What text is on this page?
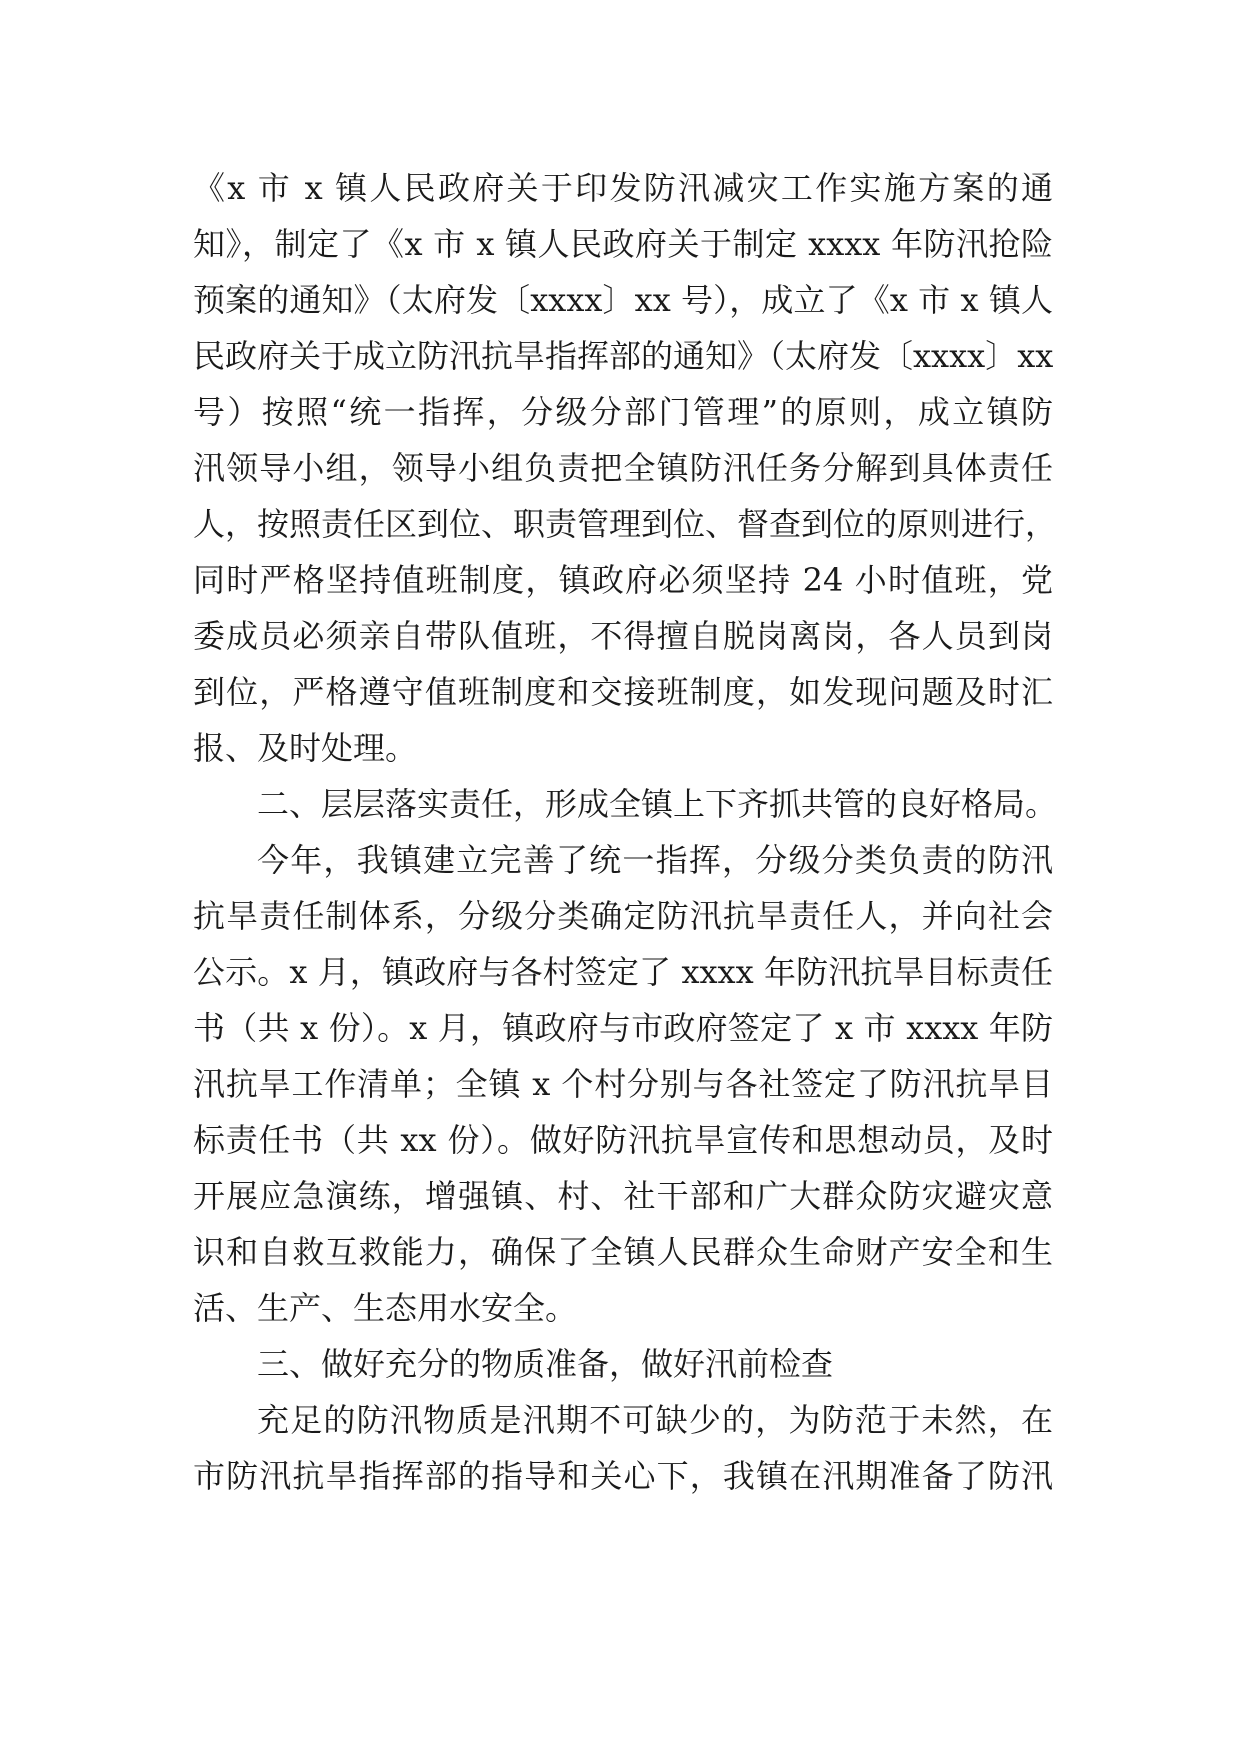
《x 市 x 镇人民政府关于印发防汛减灾工作实施方案的通
知》，制定了《x 市 x 镇人民政府关于制定 xxxx 年防汛抢险
预案的通知》（太府发〔xxxx〕xx 号），成立了《x 市 x 镇人
民政府关于成立防汛抗旱指挥部的通知》（太府发〔xxxx〕xx
号）按照“统一指挥，分级分部门管理”的原则，成立镇防
汛领导小组，领导小组负责把全镇防汛任务分解到具体责任
人，按照责任区到位、职责管理到位、督查到位的原则进行，
同时严格坚持值班制度，镇政府必须坚持 24 小时值班，党
委成员必须亲自带队值班，不得擅自脱岗离岗，各人员到岗
到位，严格遵守值班制度和交接班制度，如发现问题及时汇
报、及时处理。
二、层层落实责任，形成全镇上下齐抓共管的良好格局。
今年，我镇建立完善了统一指挥，分级分类负责的防汛
抗旱责任制体系，分级分类确定防汛抗旱责任人，并向社会
公示。x 月，镇政府与各村签定了 xxxx 年防汛抗旱目标责任
书（共 x 份）。x 月，镇政府与市政府签定了 x 市 xxxx 年防
汛抗旱工作清单；全镇 x 个村分别与各社签定了防汛抗旱目
标责任书（共 xx 份）。做好防汛抗旱宣传和思想动员，及时
开展应急演练，增强镇、村、社干部和广大群众防灾避灾意
识和自救互救能力，确保了全镇人民群众生命财产安全和生
活、生产、生态用水安全。
三、做好充分的物质准备，做好汛前检查
充足的防汛物质是汛期不可缺少的，为防范于未然，在
市防汛抗旱指挥部的指导和关心下，我镇在汛期准备了防汛
